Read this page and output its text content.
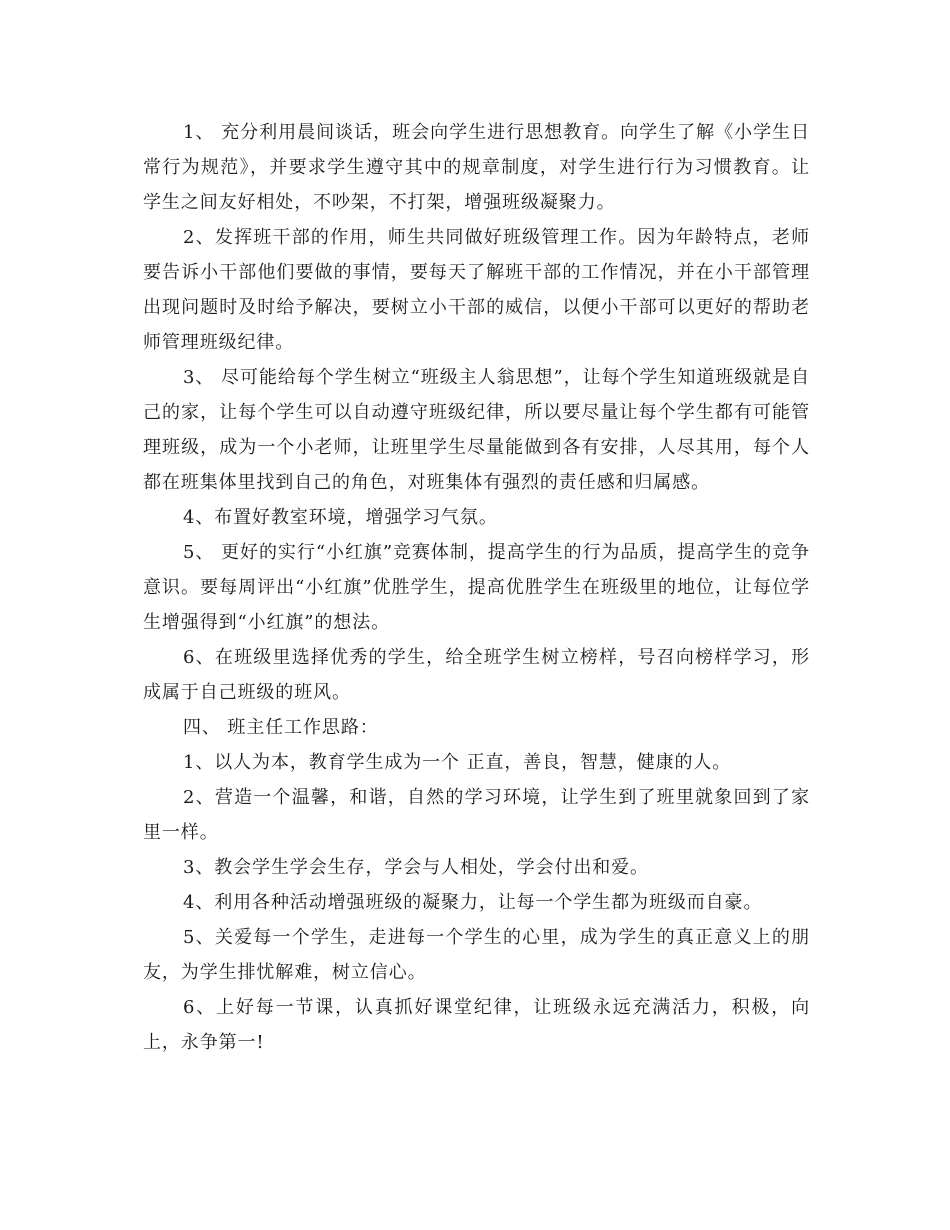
1、 充分利用晨间谈话，班会向学生进行思想教育。向学生了解《小学生日常行为规范》，并要求学生遵守其中的规章制度，对学生进行行为习惯教育。让学生之间友好相处，不吵架，不打架，增强班级凝聚力。

2、发挥班干部的作用，师生共同做好班级管理工作。因为年龄特点，老师要告诉小干部他们要做的事情，要每天了解班干部的工作情况，并在小干部管理出现问题时及时给予解决，要树立小干部的威信，以便小干部可以更好的帮助老师管理班级纪律。

3、 尽可能给每个学生树立“班级主人翁思想”，让每个学生知道班级就是自己的家，让每个学生可以自动遵守班级纪律，所以要尽量让每个学生都有可能管理班级，成为一个小老师，让班里学生尽量能做到各有安排，人尽其用，每个人都在班集体里找到自己的角色，对班集体有强烈的责任感和归属感。

4、布置好教室环境，增强学习气氛。

5、 更好的实行“小红旗”竞赛体制，提高学生的行为品质，提高学生的竞争意识。要每周评出“小红旗”优胜学生，提高优胜学生在班级里的地位，让每位学生增强得到“小红旗”的想法。

6、在班级里选择优秀的学生，给全班学生树立榜样，号召向榜样学习，形成属于自己班级的班风。

四、 班主任工作思路：

1、以人为本，教育学生成为一个 正直，善良，智慧，健康的人。

2、营造一个温馨，和谐，自然的学习环境，让学生到了班里就象回到了家里一样。

3、教会学生学会生存，学会与人相处，学会付出和爱。

4、利用各种活动增强班级的凝聚力，让每一个学生都为班级而自豪。

5、关爱每一个学生，走进每一个学生的心里，成为学生的真正意义上的朋友，为学生排忧解难，树立信心。

6、上好每一节课，认真抓好课堂纪律，让班级永远充满活力，积极，向上，永争第一!
